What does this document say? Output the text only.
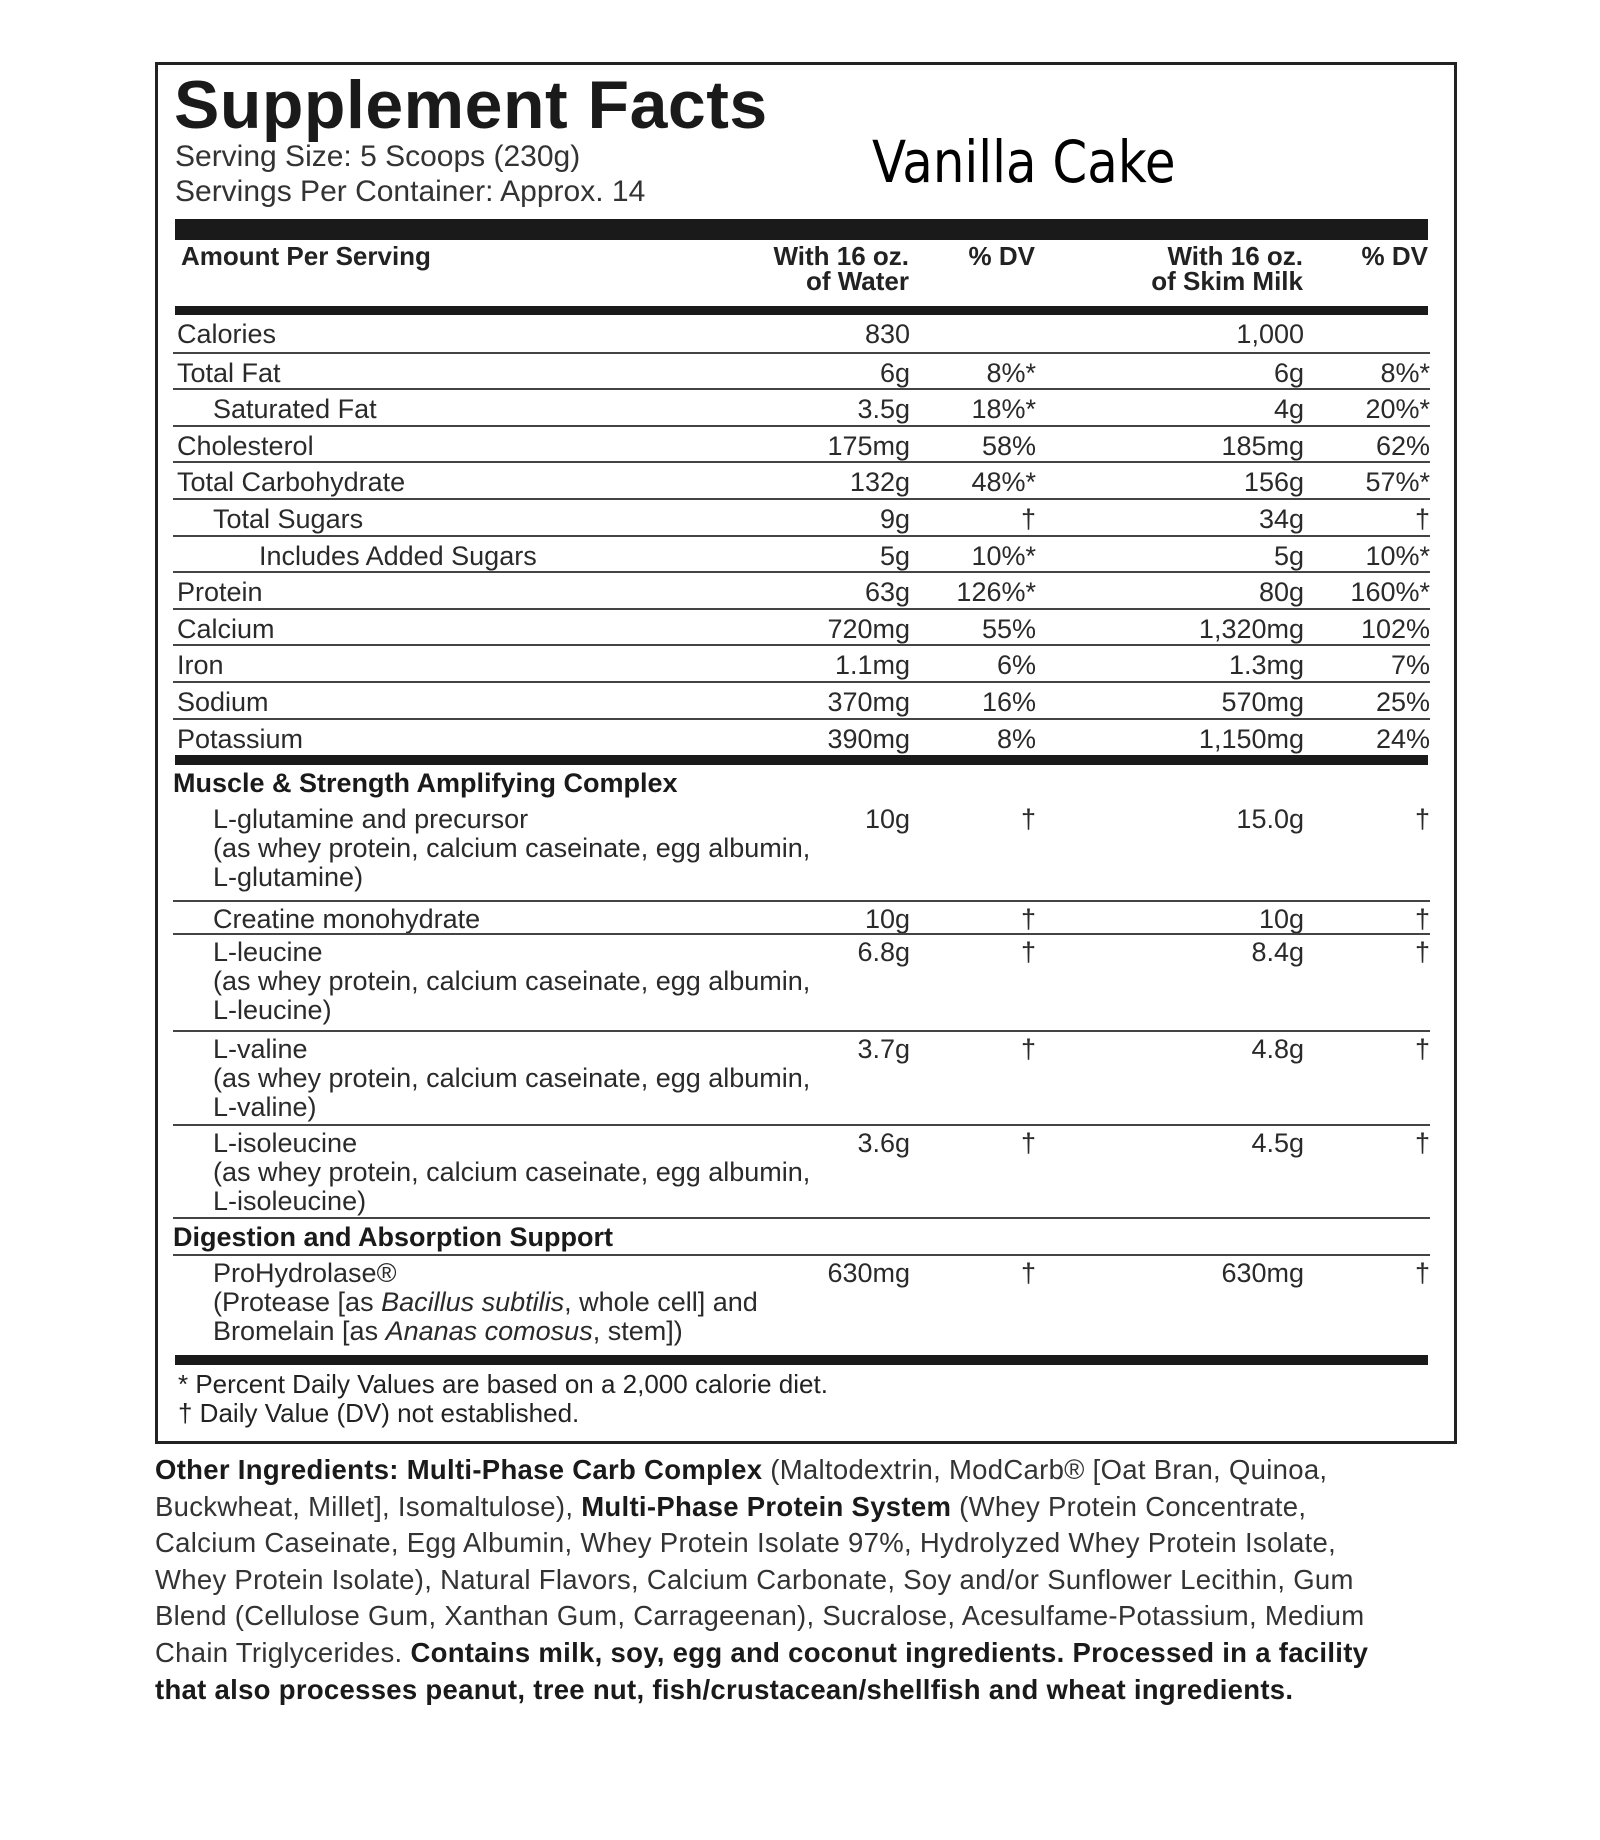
Supplement Facts
Serving Size: 5 Scoops (230g)
Servings Per Container: Approx. 14	Vanilla Cake
Amount Per Serving	With 16 oz.
of Water
% DV	With 16 oz.
of Skim Milk
% DV
Calories	830	1,000
Total Fat	6g	8%*	6g	8%*
Saturated Fat	3.5g 18%*	4g 20%*
Cholesterol	175mg	58%	185mg	62%
Total Carbohydrate	132g 48%*	156g 57%*
Total Sugars	9g	†	34g	†
Includes Added Sugars	5g 10%*	5g 10%*
Protein	63g 126%*	80g 160%*
Calcium	720mg	55%	1,320mg 102%
Iron	1.1mg	6%	1.3mg	7%
Sodium	370mg	16%	570mg	25%
Potassium	390mg	8%	1,150mg	24%
Muscle & Strength Amplifying Complex
L-glutamine and precursor
(as whey protein, calcium caseinate, egg albumin, L-glutamine)
10g	†	15.0g	†
Creatine monohydrate	10g	†	10g	†
L-leucine
(as whey protein, calcium caseinate, egg albumin, L-leucine)
6.8g	†	8.4g	†
L-valine
(as whey protein, calcium caseinate, egg albumin, L-valine)
3.7g	†	4.8g	†
L-isoleucine
(as whey protein, calcium caseinate, egg albumin, L-isoleucine)
3.6g	†	4.5g	†
Digestion and Absorption Support
ProHydrolase®
(Protease [as Bacillus subtilis, whole cell] and Bromelain [as Ananas comosus, stem])
630mg	†	630mg	†
* Percent Daily Values are based on a 2,000 calorie diet.
† Daily Value (DV) not established.
Other Ingredients: Multi-Phase Carb Complex (Maltodextrin, ModCarb® [Oat Bran, Quinoa, Buckwheat, Millet], Isomaltulose), Multi-Phase Protein System (Whey Protein Concentrate, Calcium Caseinate, Egg Albumin, Whey Protein Isolate 97%, Hydrolyzed Whey Protein Isolate, Whey Protein Isolate), Natural Flavors, Calcium Carbonate, Soy and/or Sunflower Lecithin, Gum Blend (Cellulose Gum, Xanthan Gum, Carrageenan), Sucralose, Acesulfame-Potassium, Medium Chain Triglycerides. Contains milk, soy, egg and coconut ingredients. Processed in a facility that also processes peanut, tree nut, fish/crustacean/shellfish and wheat ingredients.
